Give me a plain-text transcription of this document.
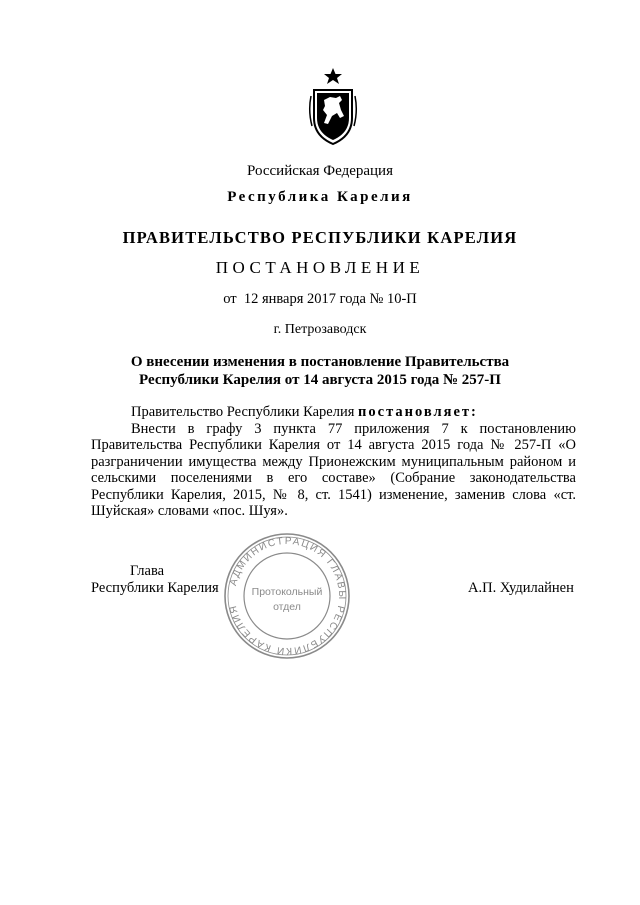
Российская Федерация
Республика Карелия
ПРАВИТЕЛЬСТВО РЕСПУБЛИКИ КАРЕЛИЯ
ПОСТАНОВЛЕНИЕ
от  12 января 2017 года № 10-П
г. Петрозаводск
О внесении изменения в постановление Правительства
Республики Карелия от 14 августа 2015 года № 257-П

Правительство Республики Карелия постановляет:

Внести в графу 3 пункта 77 приложения 7 к постановлению Правительства Республики Карелия от 14 августа 2015 года № 257-П «О разграничении имущества между Прионежским муниципальным районом и сельскими поселениями в его составе» (Собрание законодательства Республики Карелия, 2015, № 8, ст. 1541) изменение, заменив слова «ст. Шуйская» словами «пос. Шуя».

Глава
Республики Карелия	А.П. Худилайнен
АДМИНИСТРАЦИЯ ГЛАВЫ РЕСПУБЛИКИ КАРЕЛИЯ
Протокольный
отдел
